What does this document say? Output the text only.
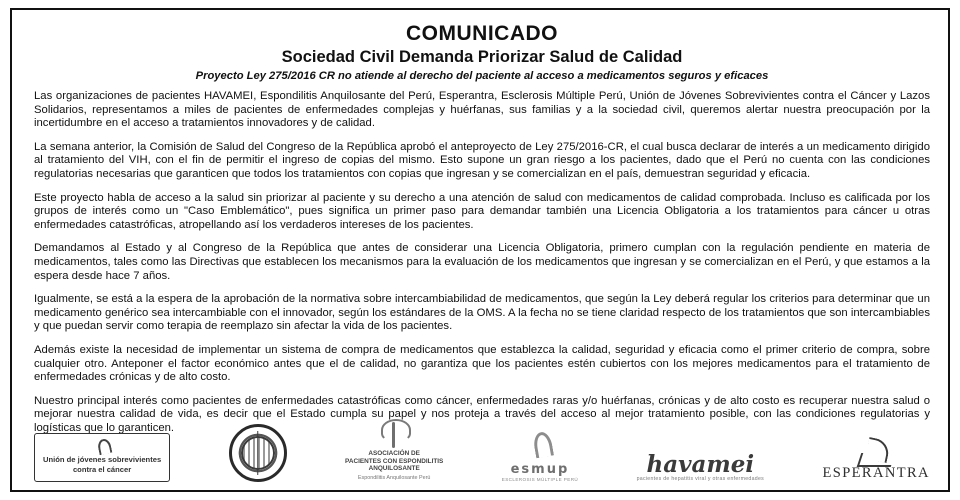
COMUNICADO
Sociedad Civil Demanda Priorizar Salud de Calidad
Proyecto Ley 275/2016 CR no atiende al derecho del paciente al acceso a medicamentos seguros y eficaces

Las organizaciones de pacientes HAVAMEI, Espondilitis Anquilosante del Perú, Esperantra, Esclerosis Múltiple Perú, Unión de Jóvenes Sobrevivientes contra el Cáncer y Lazos Solidarios, representamos a miles de pacientes de enfermedades complejas y huérfanas, sus familias y a la sociedad civil, queremos alertar nuestra preocupación por la incertidumbre en el acceso a tratamientos innovadores y de calidad.

La semana anterior, la Comisión de Salud del Congreso de la República aprobó el anteproyecto de Ley 275/2016-CR, el cual busca declarar de interés a un medicamento dirigido al tratamiento del VIH, con el fin de permitir el ingreso de copias del mismo. Esto supone un gran riesgo a los pacientes, dado que el Perú no cuenta con las condiciones regulatorias necesarias que garanticen que todos los tratamientos con copias que ingresan y se comercializan en el país, demuestran seguridad y eficacia.

Este proyecto habla de acceso a la salud sin priorizar al paciente y su derecho a una atención de salud con medicamentos de calidad comprobada. Incluso es calificada por los grupos de interés como un "Caso Emblemático", pues significa un primer paso para demandar también una Licencia Obligatoria a los tratamientos para cáncer u otras enfermedades catastróficas, atropellando así los verdaderos intereses de los pacientes.

Demandamos al Estado y al Congreso de la República que antes de considerar una Licencia Obligatoria, primero cumplan con la regulación pendiente en materia de medicamentos, tales como las Directivas que establecen los mecanismos para la evaluación de los medicamentos que ingresan y se comercializan en el Perú, y que estamos a la espera desde hace 7 años.

Igualmente, se está a la espera de la aprobación de la normativa sobre intercambiabilidad de medicamentos, que según la Ley deberá regular los criterios para determinar que un medicamento genérico sea intercambiable con el innovador, según los estándares de la OMS. A la fecha no se tiene claridad respecto de los tratamientos que son intercambiables y que puedan servir como terapia de reemplazo sin afectar la vida de los pacientes.

Además existe la necesidad de implementar un sistema de compra de medicamentos que establezca la calidad, seguridad y eficacia como el primer criterio de compra, sobre cualquier otro. Anteponer el factor económico antes que el de calidad, no garantiza que los pacientes estén cubiertos con los mejores medicamentos para el tratamiento de enfermedades crónicas y de alto costo.

Nuestro principal interés como pacientes de enfermedades catastróficas como cáncer, enfermedades raras y/o huérfanas, crónicas y de alto costo es recuperar nuestra salud o mejorar nuestra calidad de vida, es decir que el Estado cumpla su papel y nos proteja a través del acceso al mejor tratamiento posible, con las condiciones regulatorias y logísticas que lo garanticen.

Unión de jóvenes sobrevivientes
contra el cáncer
ASOCIACIÓN DE
PACIENTES CON ESPONDILITIS
ANQUILOSANTE
Espondilitis Anquilosante Perú
esmup
ESCLEROSIS MÚLTIPLE PERÚ
havamei
pacientes de hepatitis viral y otras enfermedades	ESPERANTRA
